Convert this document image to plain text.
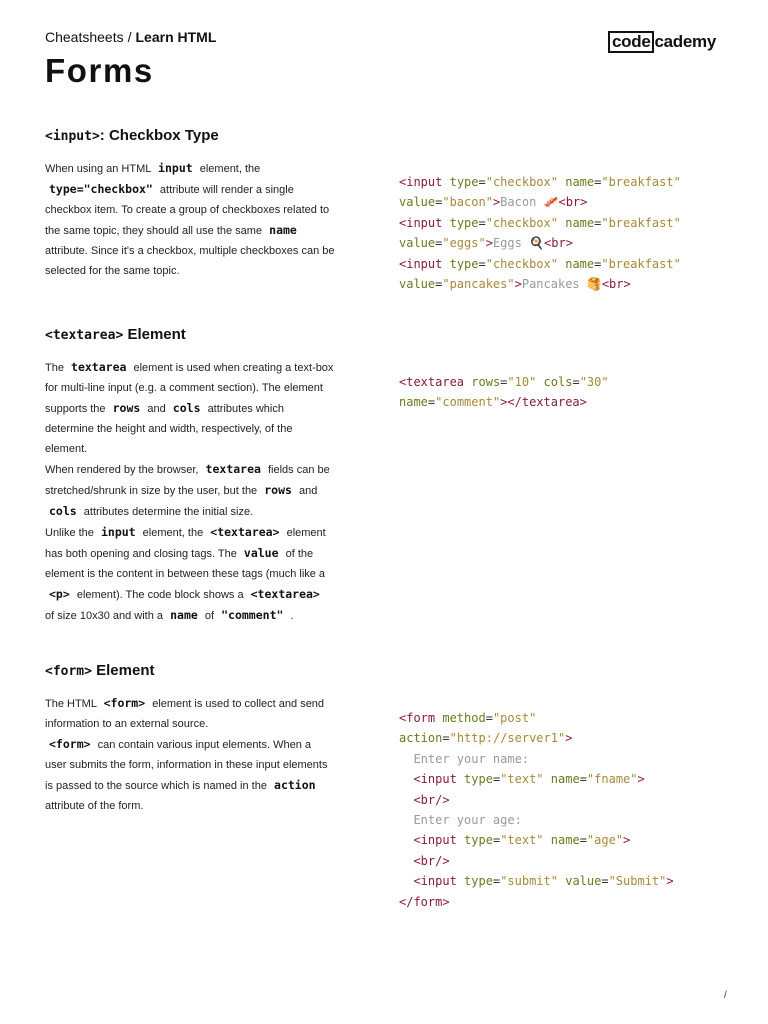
Cheatsheets / Learn HTML	code cademy
Forms
<input>: Checkbox Type

When using an HTML input element, the type="checkbox" attribute will render a single checkbox item. To create a group of checkboxes related to the same topic, they should all use the same name attribute. Since it's a checkbox, multiple checkboxes can be selected for the same topic.

<input type="checkbox" name="breakfast"
value="bacon">Bacon 🥓<br>
<input type="checkbox" name="breakfast"
value="eggs">Eggs 🍳<br>
<input type="checkbox" name="breakfast"
value="pancakes">Pancakes 🥞<br>
<textarea> Element

The textarea element is used when creating a text-box for multi-line input (e.g. a comment section). The element supports the rows and cols attributes which determine the height and width, respectively, of the element.

When rendered by the browser, textarea fields can be stretched/shrunk in size by the user, but the rows and cols attributes determine the initial size.

Unlike the input element, the <textarea> element has both opening and closing tags. The value of the element is the content in between these tags (much like a <p> element). The code block shows a <textarea> of size 10x30 and with a name of "comment" .

<textarea rows="10" cols="30"
name="comment"></textarea>
<form> Element

The HTML <form> element is used to collect and send information to an external source.

<form> can contain various input elements. When a user submits the form, information in these input elements is passed to the source which is named in the action attribute of the form.

<form method="post"
action="http://server1">
Enter your name:
<input type="text" name="fname">
<br/>
Enter your age:
<input type="text" name="age">
<br/>
<input type="submit" value="Submit">
</form>
/
